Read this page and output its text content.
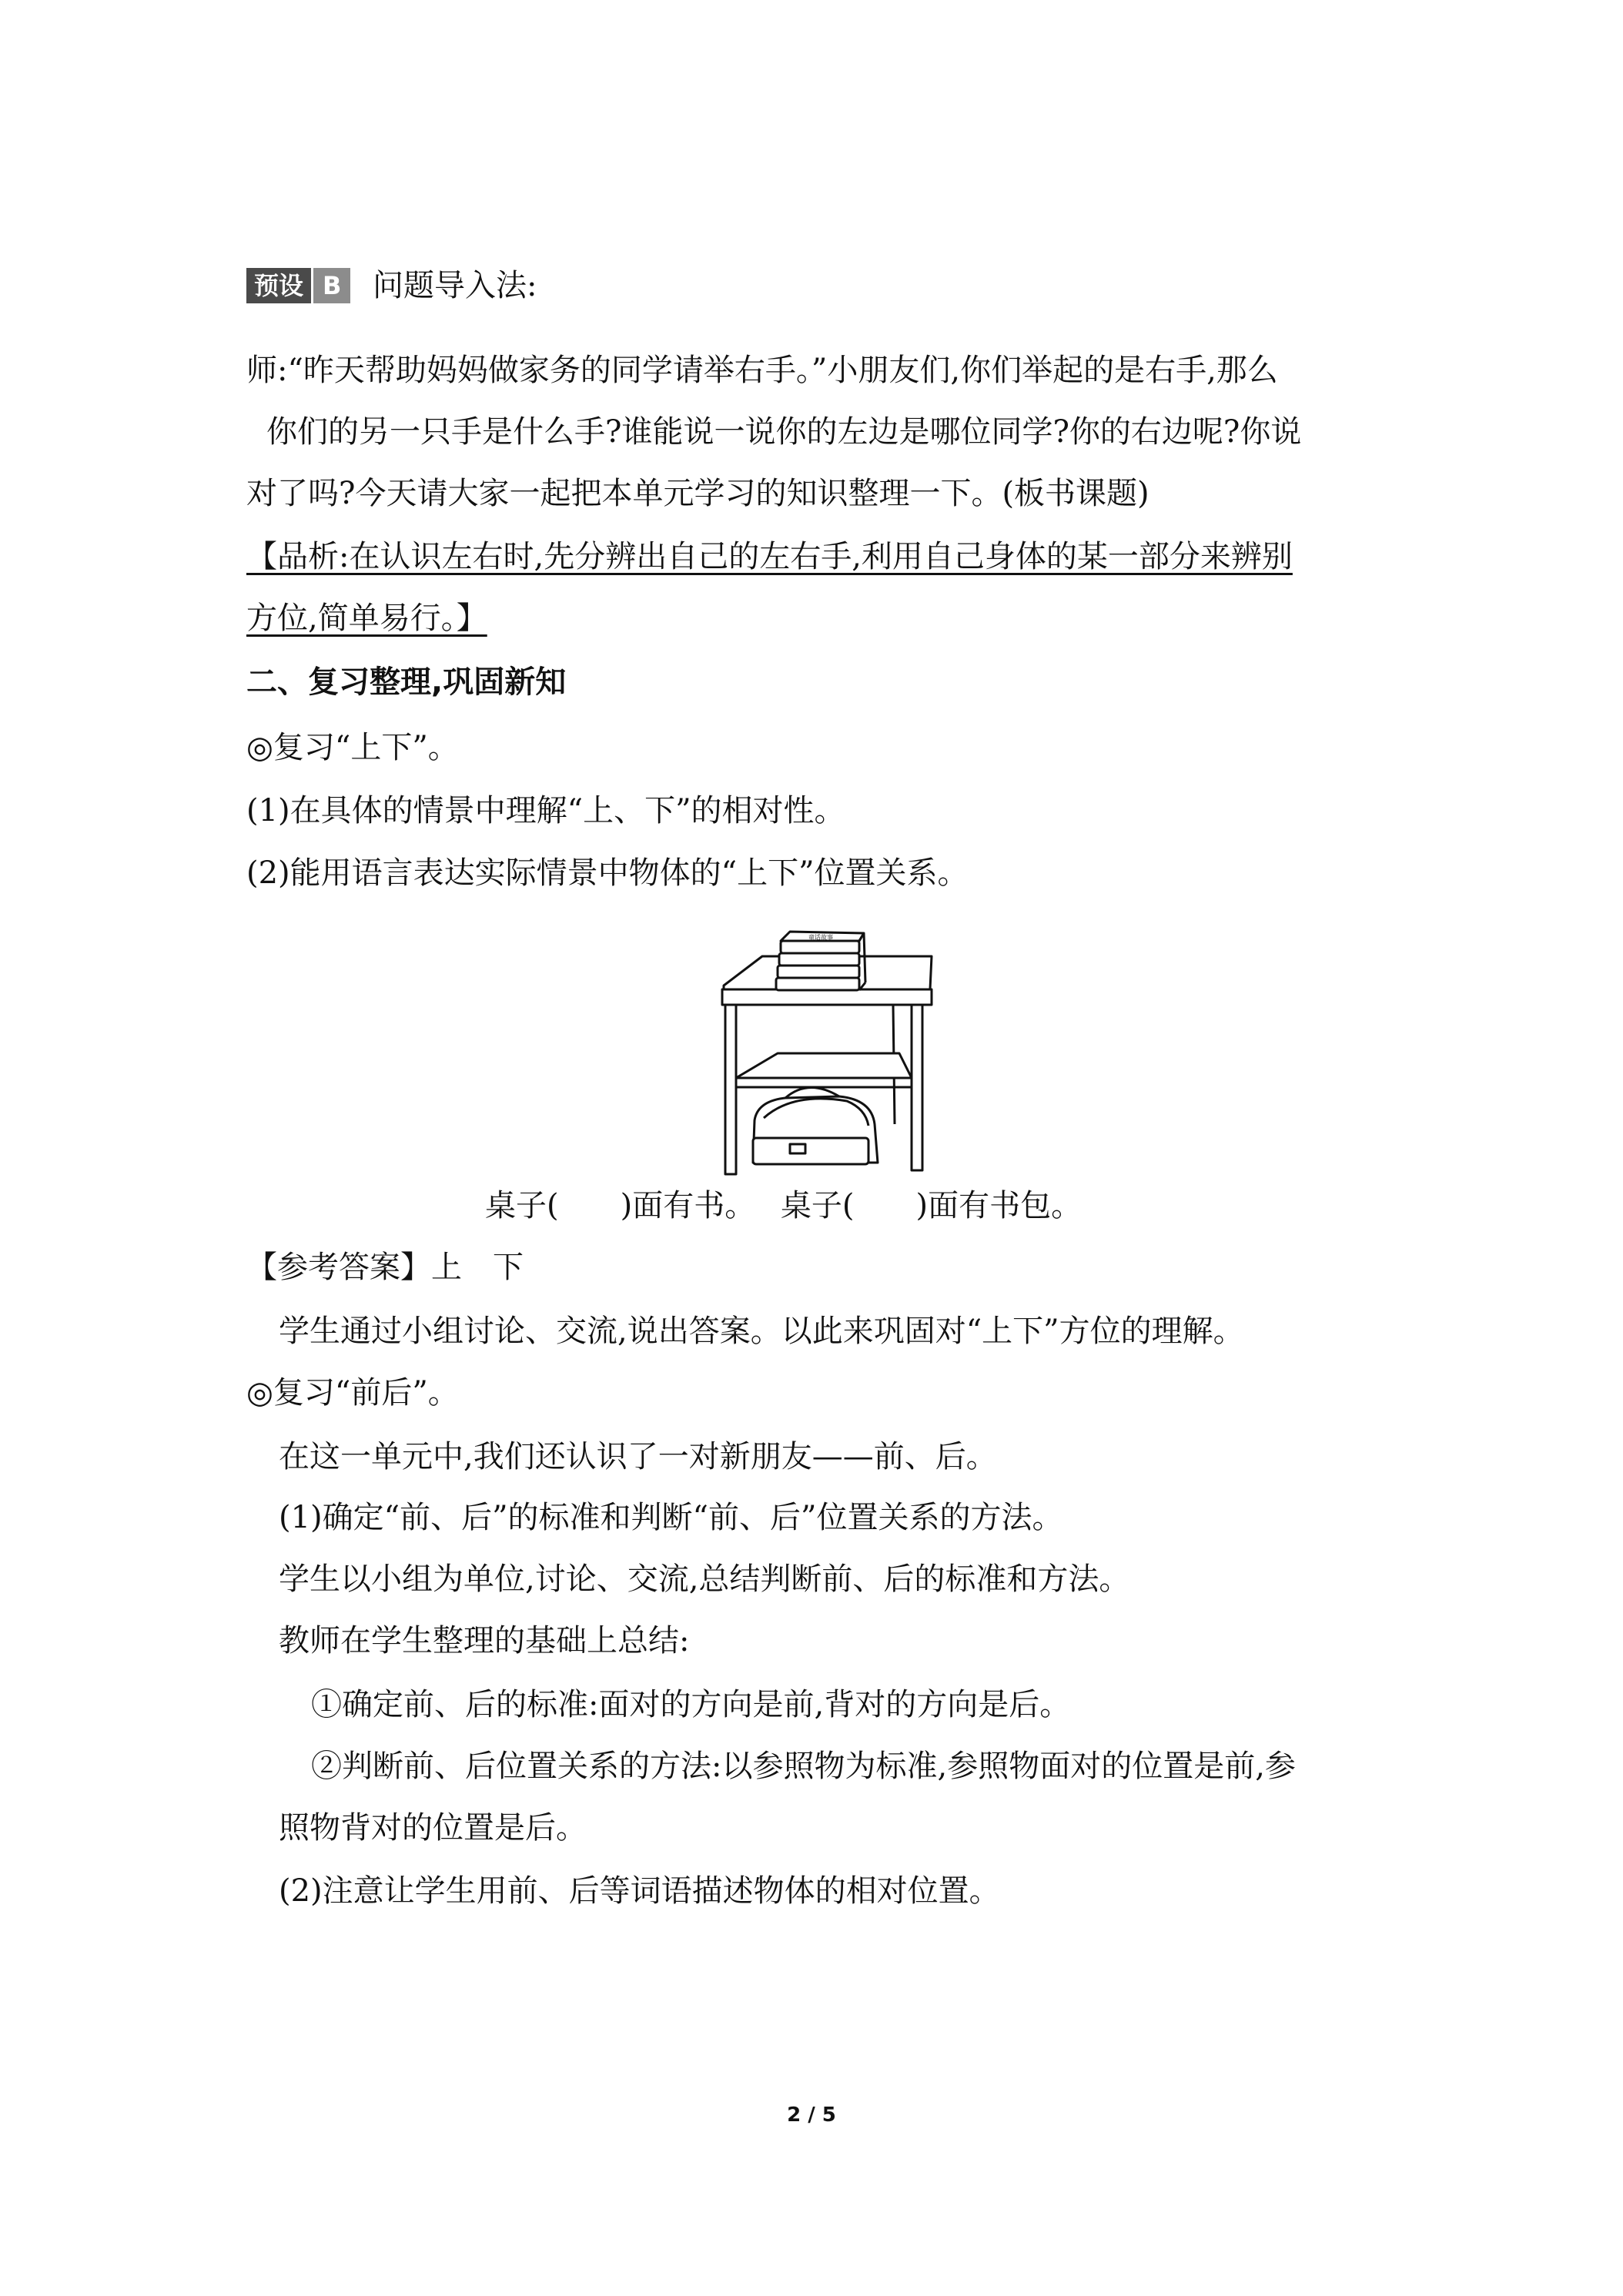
预设 B	问题导入法:
师:“昨天帮助妈妈做家务的同学请举右手。”小朋友们,你们举起的是右手,那么
你们的另一只手是什么手?谁能说一说你的左边是哪位同学?你的右边呢?你说
对了吗?今天请大家一起把本单元学习的知识整理一下。(板书课题)
【品析:在认识左右时,先分辨出自己的左右手,利用自己身体的某一部分来辨别
方位,简单易行。】
二、复习整理,巩固新知
◎复习“上下”。
(1)在具体的情景中理解“上、下”的相对性。
(2)能用语言表达实际情景中物体的“上下”位置关系。
童话故事
桌子(　　)面有书。　 桌子(　　)面有书包。
【参考答案】上　下
学生通过小组讨论、交流,说出答案。以此来巩固对“上下”方位的理解。
◎复习“前后”。
在这一单元中,我们还认识了一对新朋友——前、后。
(1)确定“前、后”的标准和判断“前、后”位置关系的方法。
学生以小组为单位,讨论、交流,总结判断前、后的标准和方法。
教师在学生整理的基础上总结:
①确定前、后的标准:面对的方向是前,背对的方向是后。
②判断前、后位置关系的方法:以参照物为标准,参照物面对的位置是前,参
照物背对的位置是后。
(2)注意让学生用前、后等词语描述物体的相对位置。
2 / 5
